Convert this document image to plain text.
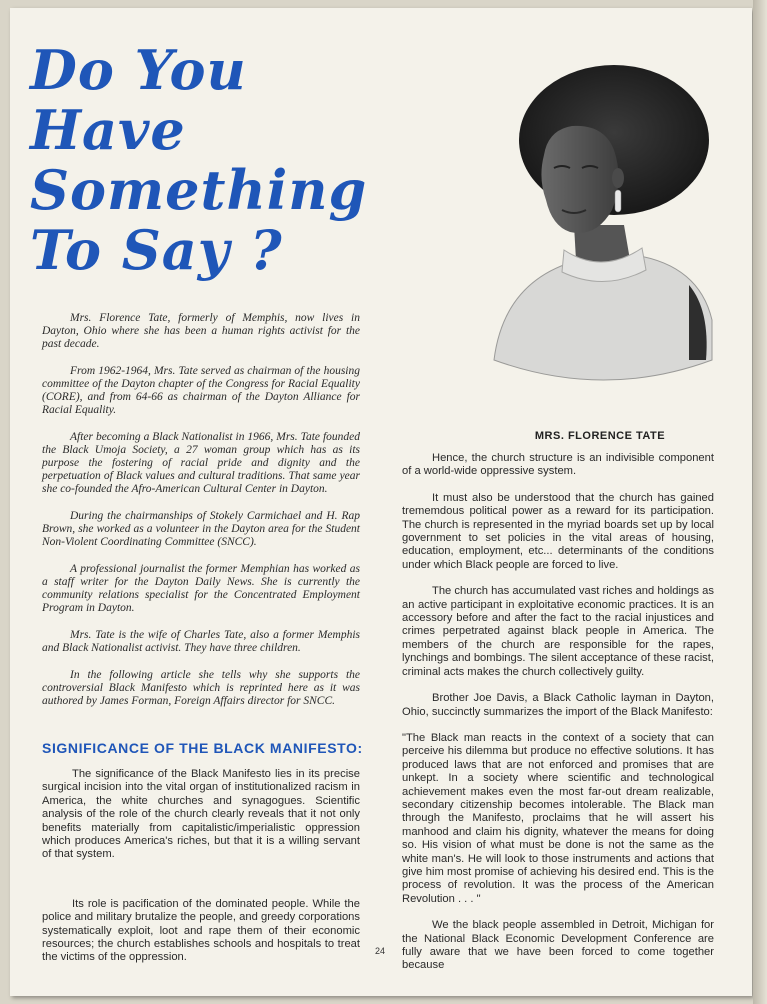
Do You
Have
Something
To Say ?
MRS. FLORENCE TATE

Mrs. Florence Tate, formerly of Memphis, now lives in Dayton, Ohio where she has been a human rights activist for the past decade.

From 1962-1964, Mrs. Tate served as chairman of the housing committee of the Dayton chapter of the Congress for Racial Equality (CORE), and from 64-66 as chairman of the Dayton Alliance for Racial Equality.

After becoming a Black Nationalist in 1966, Mrs. Tate founded the Black Umoja Society, a 27 woman group which has as its purpose the fostering of racial pride and dignity and the perpetuation of Black values and cultural traditions. That same year she co-founded the Afro-American Cultural Center in Dayton.

During the chairmanships of Stokely Carmichael and H. Rap Brown, she worked as a volunteer in the Dayton area for the Student Non-Violent Coordinating Committee (SNCC).

A professional journalist the former Memphian has worked as a staff writer for the Dayton Daily News. She is currently the community relations specialist for the Concentrated Employment Program in Dayton.

Mrs. Tate is the wife of Charles Tate, also a former Memphis and Black Nationalist activist. They have three children.

In the following article she tells why she supports the controversial Black Manifesto which is reprinted here as it was authored by James Forman, Foreign Affairs director for SNCC.

SIGNIFICANCE OF THE BLACK MANIFESTO:

The significance of the Black Manifesto lies in its precise surgical incision into the vital organ of institutionalized racism in America, the white churches and synagogues. Scientific analysis of the role of the church clearly reveals that it not only benefits materially from capitalistic/imperialistic oppression which produces America's riches, but that it is a willing servant of that system.

Its role is pacification of the dominated people. While the police and military brutalize the people, and greedy corporations systematically exploit, loot and rape them of their economic resources; the church establishes schools and hospitals to treat the victims of the oppression.

Hence, the church structure is an indivisible component of a world-wide oppressive system.

It must also be understood that the church has gained trememdous political power as a reward for its participation. The church is represented in the myriad boards set up by local government to set policies in the vital areas of housing, education, employment, etc... determinants of the conditions under which Black people are forced to live.

The church has accumulated vast riches and holdings as an active participant in exploitative economic practices. It is an accessory before and after the fact to the racial injustices and crimes perpetrated against black people in America. The members of the church are responsible for the rapes, lynchings and bombings. The silent acceptance of these racist, criminal acts makes the church collectively guilty.

Brother Joe Davis, a Black Catholic layman in Dayton, Ohio, succinctly summarizes the import of the Black Manifesto:

"The Black man reacts in the context of a society that can perceive his dilemma but produce no effective solutions. It has produced laws that are not enforced and promises that are unkept. In a society where scientific and technological achievement makes even the most far-out dream realizable, secondary citizenship becomes intolerable. The Black man through the Manifesto, proclaims that he will assert his manhood and claim his dignity, whatever the means for doing so. His vision of what must be done is not the same as the white man's. He will look to those instruments and actions that give him most promise of achieving his desired end. This is the process of revolution. It was the process of the American Revolution . . . "

We the black people assembled in Detroit, Michigan for the National Black Economic Development Conference are fully aware that we have been forced to come together because

24
